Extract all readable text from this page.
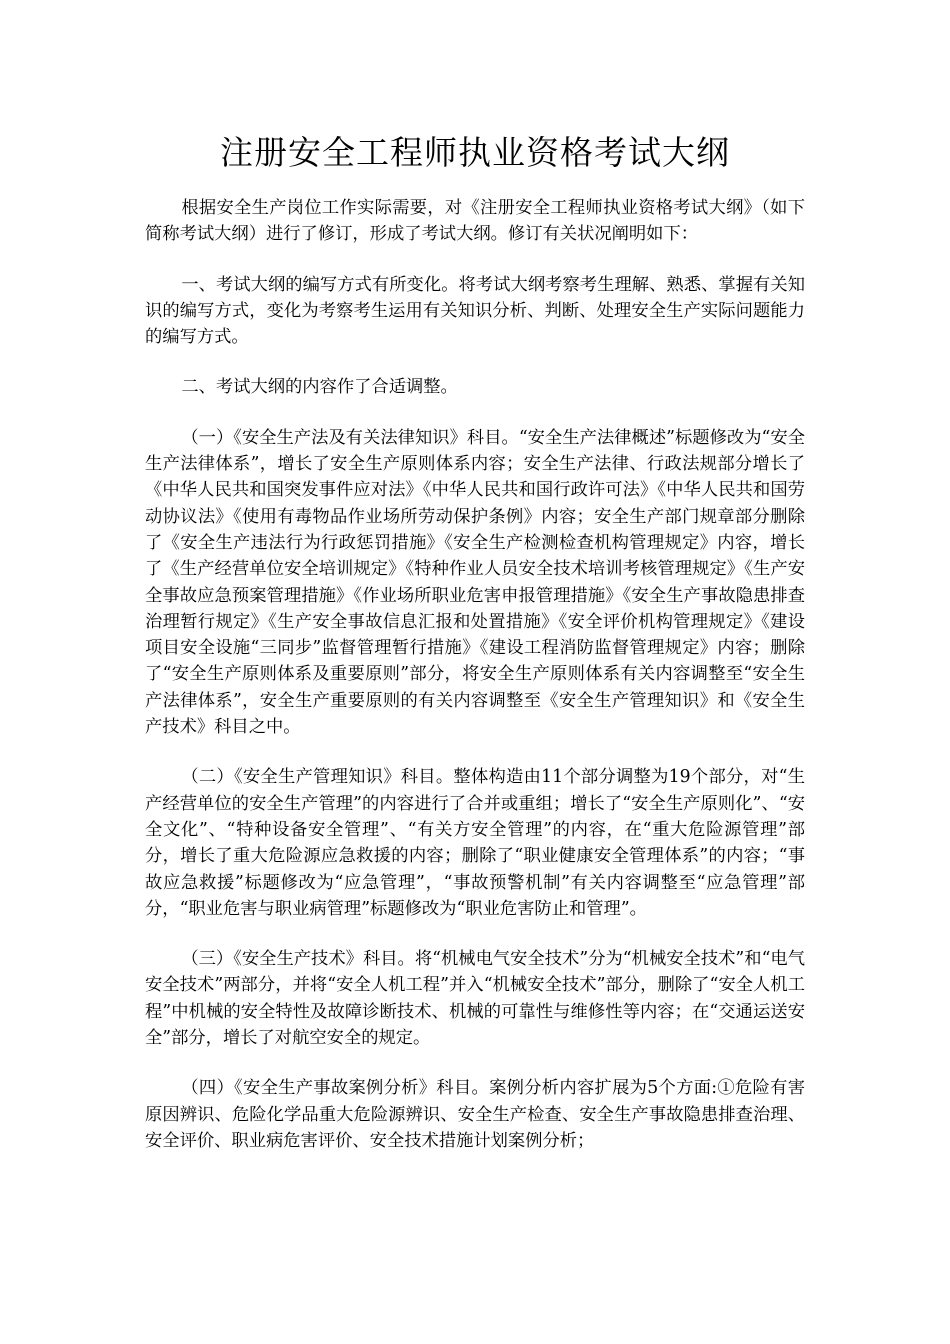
注册安全工程师执业资格考试大纲

根据安全生产岗位工作实际需要，对《注册安全工程师执业资格考试大纲》（如下简称考试大纲）进行了修订，形成了考试大纲。修订有关状况阐明如下：

一、考试大纲的编写方式有所变化。将考试大纲考察考生理解、熟悉、掌握有关知识的编写方式，变化为考察考生运用有关知识分析、判断、处理安全生产实际问题能力的编写方式。

二、考试大纲的内容作了合适调整。

（一）《安全生产法及有关法律知识》科目。“安全生产法律概述”标题修改为“安全生产法律体系”，增长了安全生产原则体系内容；安全生产法律、行政法规部分增长了《中华人民共和国突发事件应对法》《中华人民共和国行政许可法》《中华人民共和国劳动协议法》《使用有毒物品作业场所劳动保护条例》内容；安全生产部门规章部分删除了《安全生产违法行为行政惩罚措施》《安全生产检测检查机构管理规定》内容，增长了《生产经营单位安全培训规定》《特种作业人员安全技术培训考核管理规定》《生产安全事故应急预案管理措施》《作业场所职业危害申报管理措施》《安全生产事故隐患排查治理暂行规定》《生产安全事故信息汇报和处置措施》《安全评价机构管理规定》《建设项目安全设施“三同步”监督管理暂行措施》《建设工程消防监督管理规定》内容；删除了“安全生产原则体系及重要原则”部分，将安全生产原则体系有关内容调整至“安全生产法律体系”，安全生产重要原则的有关内容调整至《安全生产管理知识》和《安全生产技术》科目之中。

（二）《安全生产管理知识》科目。整体构造由11个部分调整为19个部分，对“生产经营单位的安全生产管理”的内容进行了合并或重组；增长了“安全生产原则化”、“安全文化”、“特种设备安全管理”、“有关方安全管理”的内容，在“重大危险源管理”部分，增长了重大危险源应急救援的内容；删除了“职业健康安全管理体系”的内容；“事故应急救援”标题修改为“应急管理”，“事故预警机制”有关内容调整至“应急管理”部分，“职业危害与职业病管理”标题修改为“职业危害防止和管理”。

（三）《安全生产技术》科目。将“机械电气安全技术”分为“机械安全技术”和“电气安全技术”两部分，并将“安全人机工程”并入“机械安全技术”部分，删除了“安全人机工程”中机械的安全特性及故障诊断技术、机械的可靠性与维修性等内容；在“交通运送安全”部分，增长了对航空安全的规定。

（四）《安全生产事故案例分析》科目。案例分析内容扩展为5个方面:①危险有害原因辨识、危险化学品重大危险源辨识、安全生产检查、安全生产事故隐患排查治理、安全评价、职业病危害评价、安全技术措施计划案例分析；
